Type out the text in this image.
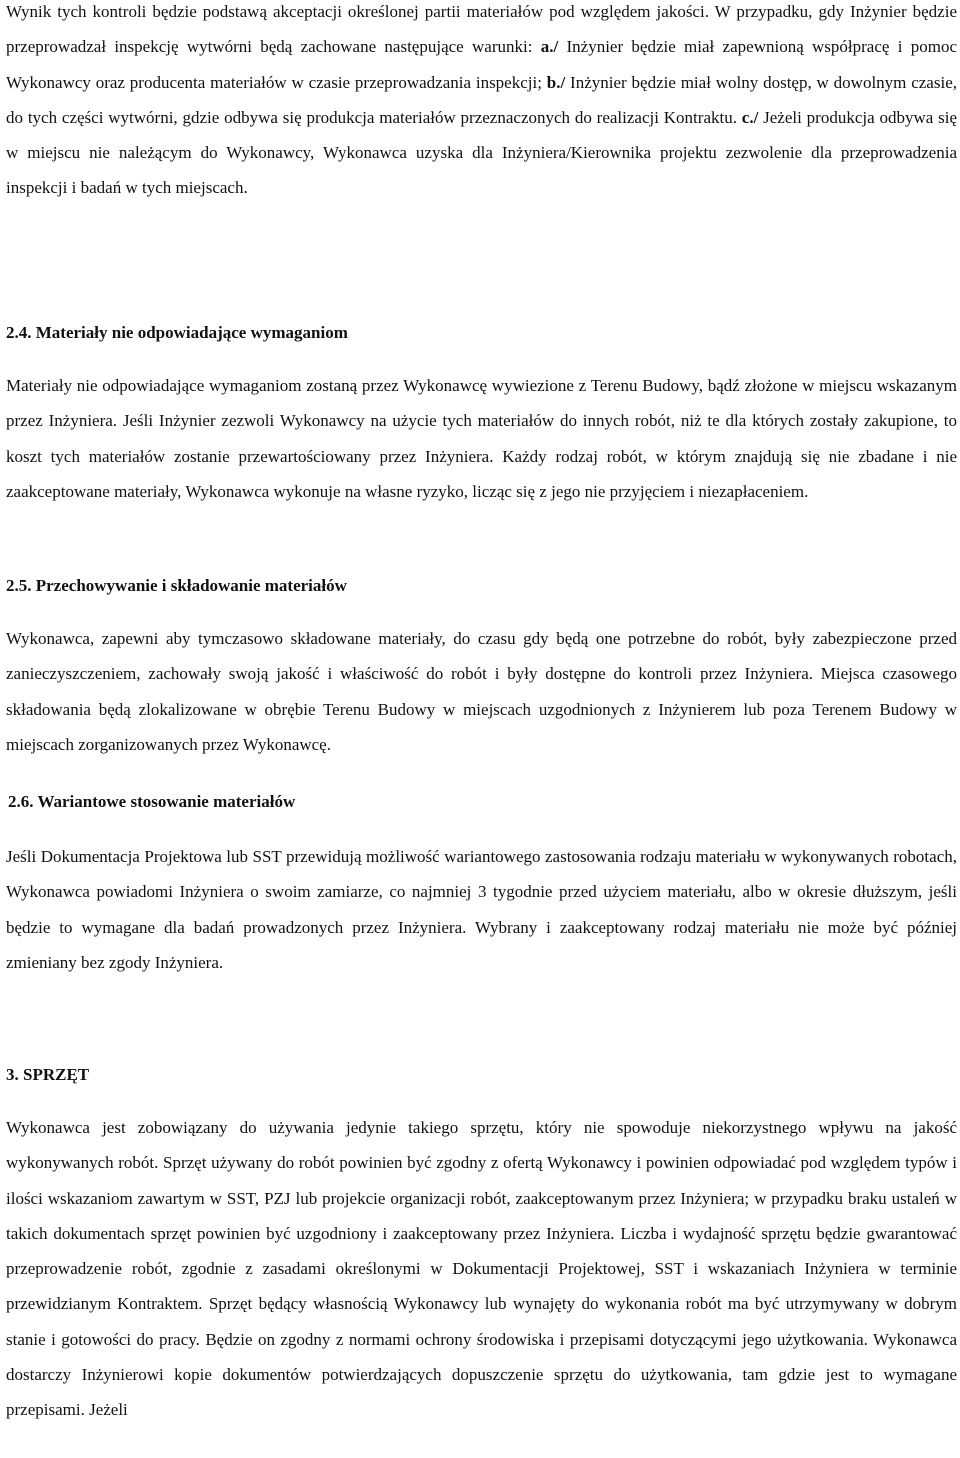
Wynik tych kontroli będzie podstawą akceptacji określonej partii materiałów pod względem jakości. W przypadku, gdy Inżynier będzie przeprowadzał inspekcję wytwórni będą zachowane następujące warunki: a./ Inżynier będzie miał zapewnioną współpracę i pomoc Wykonawcy oraz producenta materiałów w czasie przeprowadzania inspekcji; b./ Inżynier będzie miał wolny dostęp, w dowolnym czasie, do tych części wytwórni, gdzie odbywa się produkcja materiałów przeznaczonych do realizacji Kontraktu. c./ Jeżeli produkcja odbywa się w miejscu nie należącym do Wykonawcy, Wykonawca uzyska dla Inżyniera/Kierownika projektu zezwolenie dla przeprowadzenia inspekcji i badań w tych miejscach.

2.4. Materiały nie odpowiadające wymaganiom

Materiały nie odpowiadające wymaganiom zostaną przez Wykonawcę wywiezione z Terenu Budowy, bądź złożone w miejscu wskazanym przez Inżyniera. Jeśli Inżynier zezwoli Wykonawcy na użycie tych materiałów do innych robót, niż te dla których zostały zakupione, to koszt tych materiałów zostanie przewartościowany przez Inżyniera. Każdy rodzaj robót, w którym znajdują się nie zbadane i nie zaakceptowane materiały, Wykonawca wykonuje na własne ryzyko, licząc się z jego nie przyjęciem i niezapłaceniem.

2.5. Przechowywanie i składowanie materiałów

Wykonawca, zapewni aby tymczasowo składowane materiały, do czasu gdy będą one potrzebne do robót, były zabezpieczone przed zanieczyszczeniem, zachowały swoją jakość i właściwość do robót i były dostępne do kontroli przez Inżyniera. Miejsca czasowego składowania będą zlokalizowane w obrębie Terenu Budowy w miejscach uzgodnionych z Inżynierem lub poza Terenem Budowy w miejscach zorganizowanych przez Wykonawcę.

2.6. Wariantowe stosowanie materiałów

Jeśli Dokumentacja Projektowa lub SST przewidują możliwość wariantowego zastosowania rodzaju materiału w wykonywanych robotach, Wykonawca powiadomi Inżyniera o swoim zamiarze, co najmniej 3 tygodnie przed użyciem materiału, albo w okresie dłuższym, jeśli będzie to wymagane dla badań prowadzonych przez Inżyniera. Wybrany i zaakceptowany rodzaj materiału nie może być później zmieniany bez zgody Inżyniera.

3. SPRZĘT

Wykonawca jest zobowiązany do używania jedynie takiego sprzętu, który nie spowoduje niekorzystnego wpływu na jakość wykonywanych robót. Sprzęt używany do robót powinien być zgodny z ofertą Wykonawcy i powinien odpowiadać pod względem typów i ilości wskazaniom zawartym w SST, PZJ lub projekcie organizacji robót, zaakceptowanym przez Inżyniera; w przypadku braku ustaleń w takich dokumentach sprzęt powinien być uzgodniony i zaakceptowany przez Inżyniera. Liczba i wydajność sprzętu będzie gwarantować przeprowadzenie robót, zgodnie z zasadami określonymi w Dokumentacji Projektowej, SST i wskazaniach Inżyniera w terminie przewidzianym Kontraktem. Sprzęt będący własnością Wykonawcy lub wynajęty do wykonania robót ma być utrzymywany w dobrym stanie i gotowości do pracy. Będzie on zgodny z normami ochrony środowiska i przepisami dotyczącymi jego użytkowania. Wykonawca dostarczy Inżynierowi kopie dokumentów potwierdzających dopuszczenie sprzętu do użytkowania, tam gdzie jest to wymagane przepisami. Jeżeli
